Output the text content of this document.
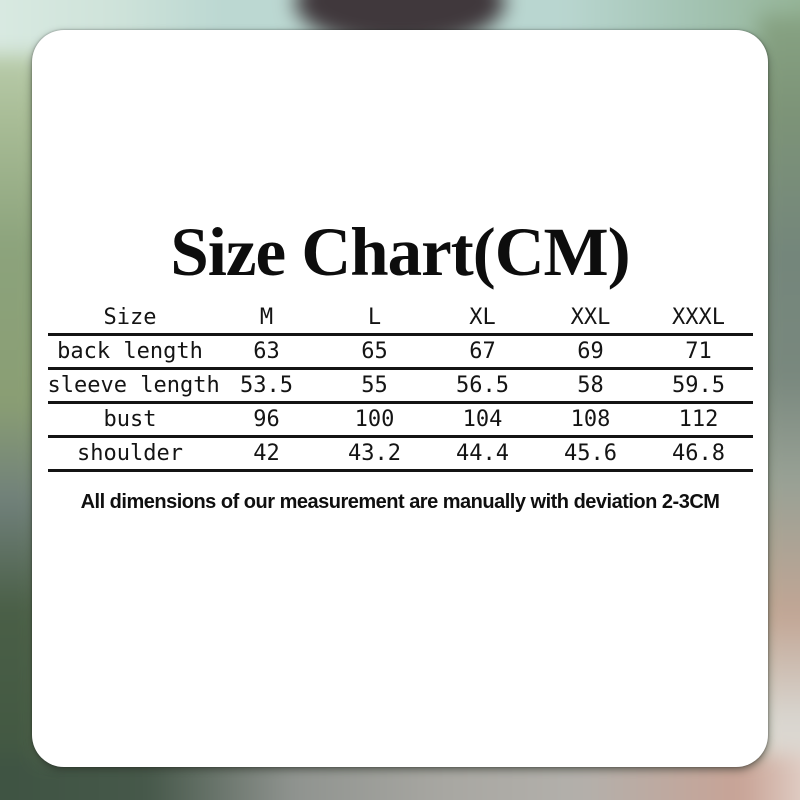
Size Chart(CM)
Size	M	L	XL	XXL	XXXL
back length	63	65	67	69	71
sleeve length	53.5	55	56.5	58	59.5
bust	96	100	104	108	112
shoulder	42	43.2	44.4	45.6	46.8

All dimensions of our measurement are manually with deviation 2-3CM
